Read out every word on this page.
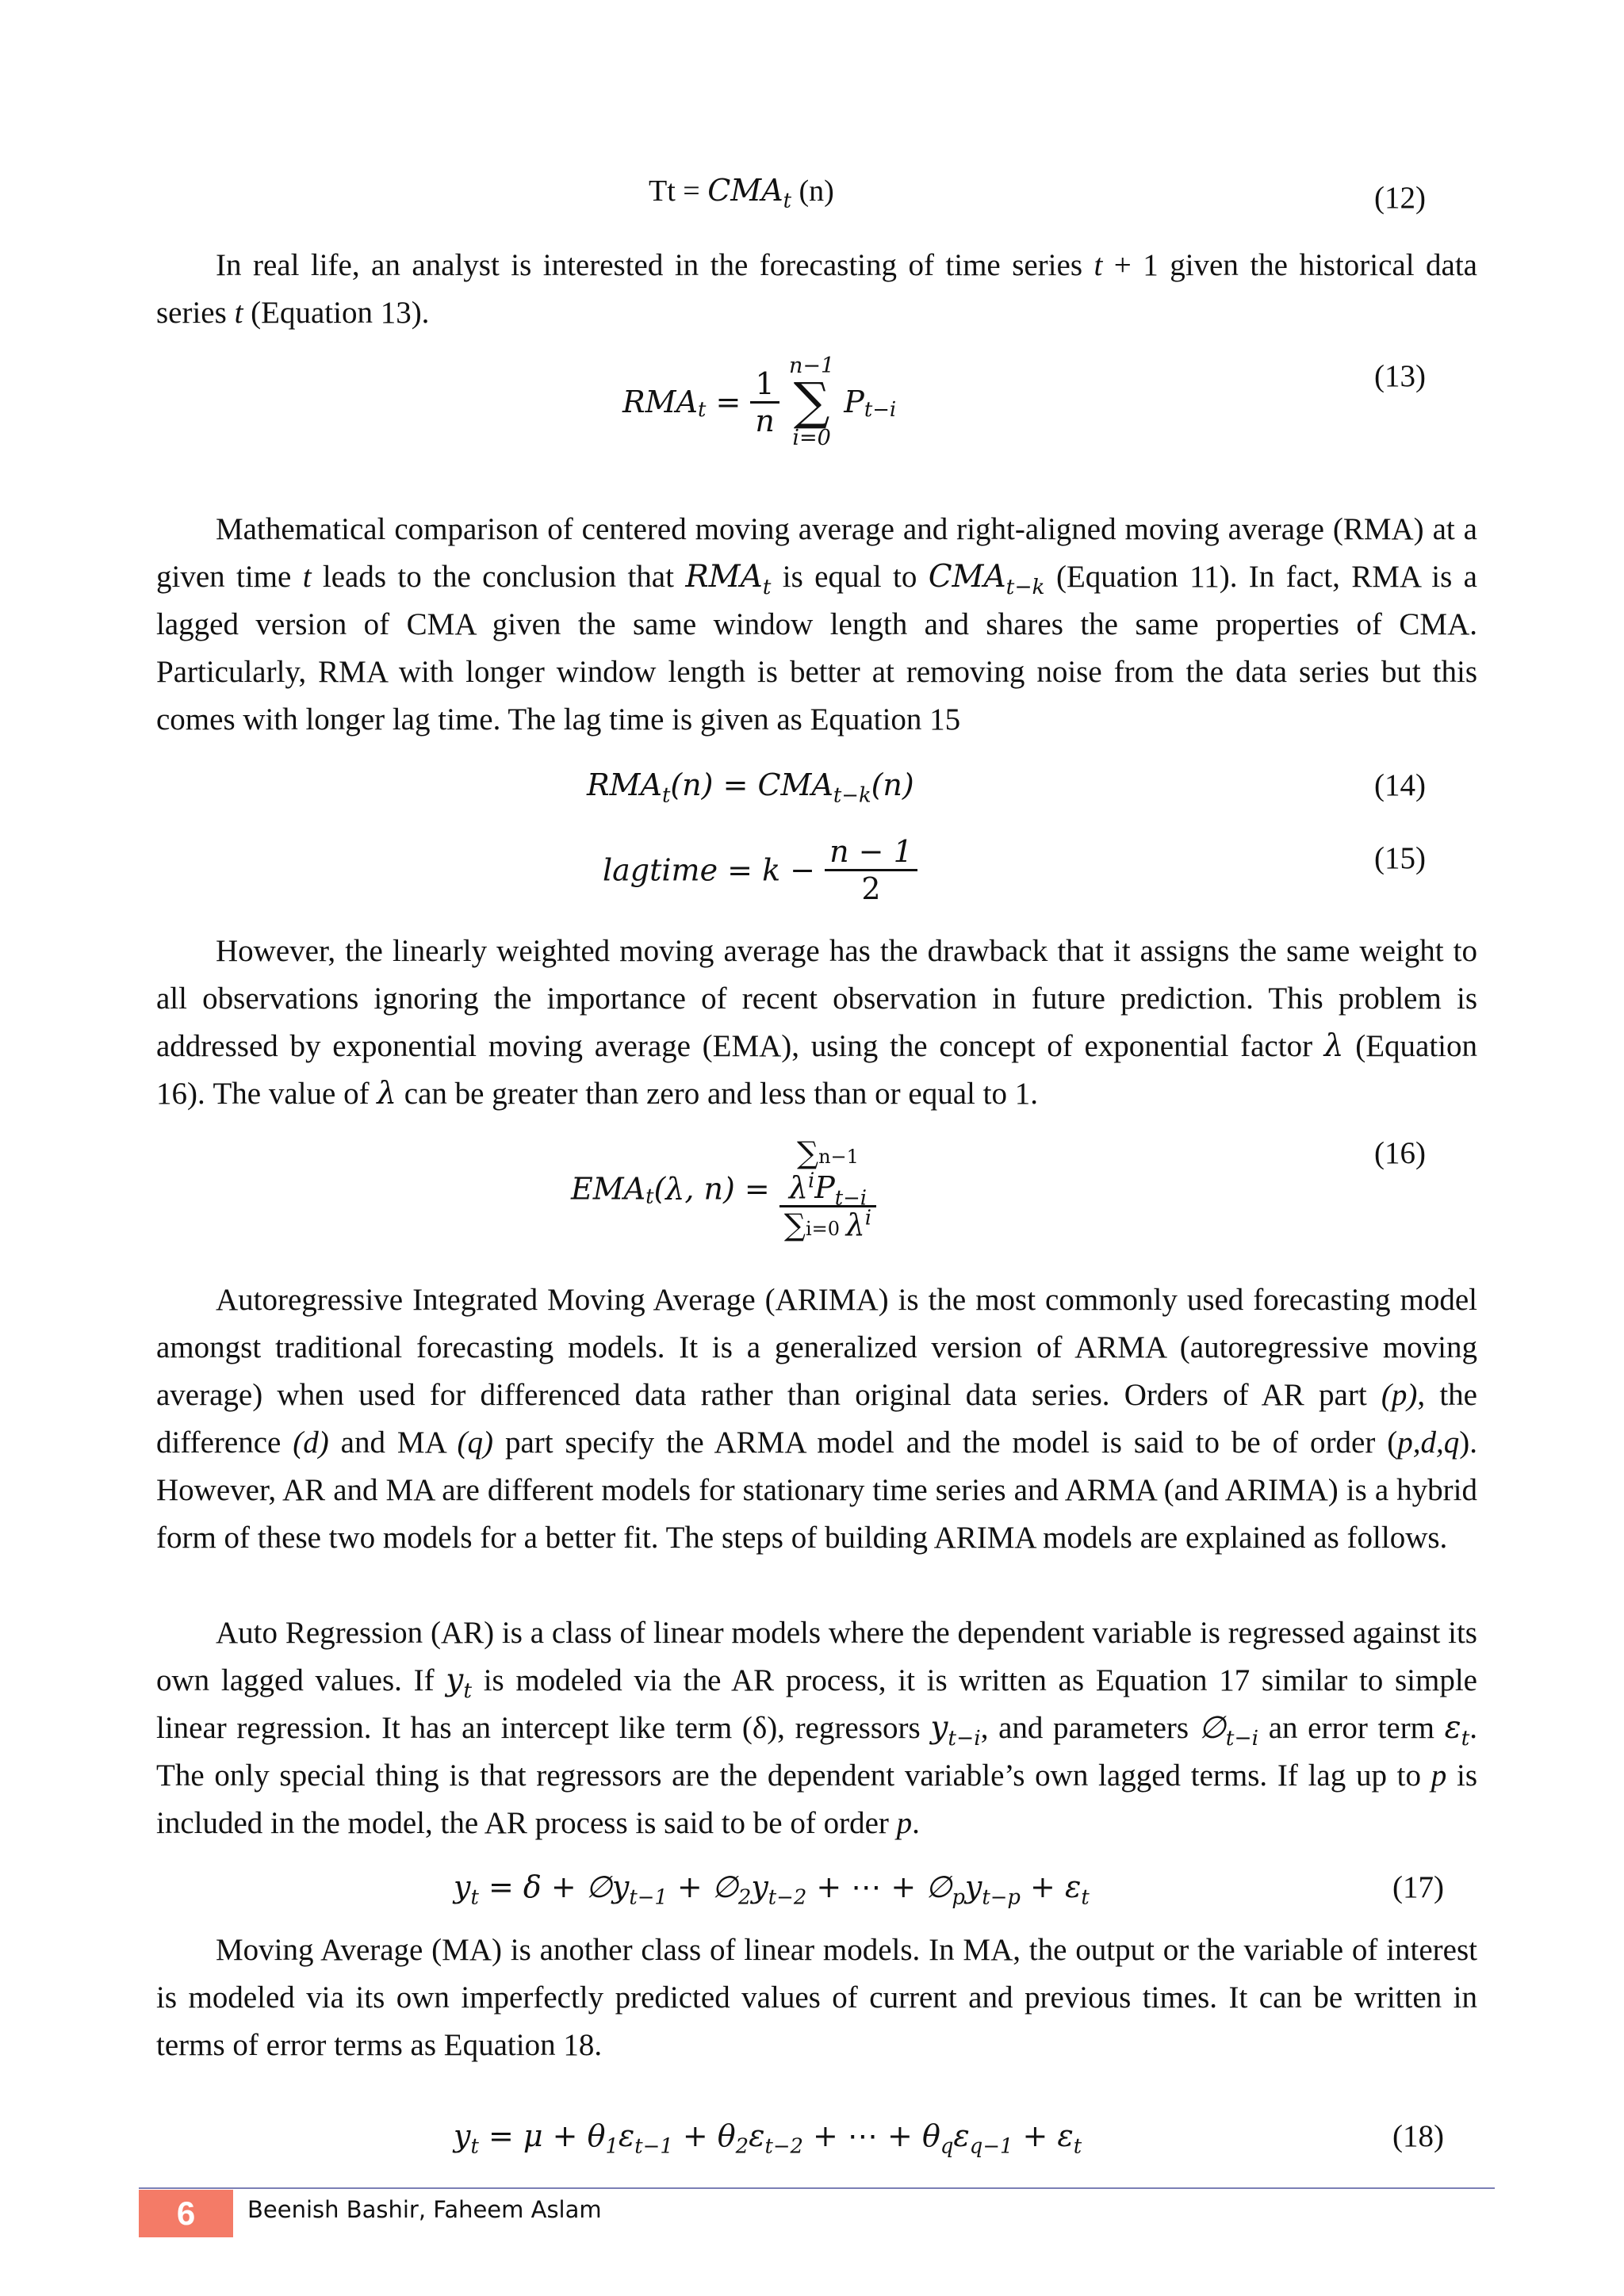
$Tt = CMA_t$ (n)	(12)

In real life, an analyst is interested in the forecasting of time series t + 1 given the historical data series t (Equation 13).

$RMA_t = \frac{1}{n}$
n−1
∑
i=0
$P_{t-i}$
(13)

Mathematical comparison of centered moving average and right-aligned moving average (RMA) at a given time t leads to the conclusion that $RMA_t$ is equal to $CMA_{t-k}$ (Equation 11). In fact, RMA is a lagged version of CMA given the same window length and shares the same properties of CMA. Particularly, RMA with longer window length is better at removing noise from the data series but this comes with longer lag time. The lag time is given as Equation 15

$RMA_t(n) = CMA_{t-k}(n)$	(14)
lagtime = $k - \frac{n - 1}{2}$	(15)

However, the linearly weighted moving average has the drawback that it assigns the same weight to all observations ignoring the importance of recent observation in future prediction. This problem is addressed by exponential moving average (EMA), using the concept of exponential factor λ (Equation 16). The value of λ can be greater than zero and less than or equal to 1.

$EMA_t(\lambda$, n) =
∑n−1
$\lambda^iP_{t-i}$
∑i=0 $\lambda^i$
(16)

Autoregressive Integrated Moving Average (ARIMA) is the most commonly used forecasting model amongst traditional forecasting models. It is a generalized version of ARMA (autoregressive moving average) when used for differenced data rather than original data series. Orders of AR part (p), the difference (d) and MA (q) part specify the ARMA model and the model is said to be of order (p,d,q). However, AR and MA are different models for stationary time series and ARMA (and ARIMA) is a hybrid form of these two models for a better fit. The steps of building ARIMA models are explained as follows.

Auto Regression (AR) is a class of linear models where the dependent variable is regressed against its own lagged values. If $y_t$ is modeled via the AR process, it is written as Equation 17 similar to simple linear regression. It has an intercept like term (δ), regressors $y_{t-i}$, and parameters $\emptyset_{t-i}$ an error term $\varepsilon_t$. The only special thing is that regressors are the dependent variable’s own lagged terms. If lag up to p is included in the model, the AR process is said to be of order p.

$y_t = \delta$ + $\emptyset y_{t-1}$ + $\emptyset_2y_{t-2}$ + ⋯ + $\emptyset_py_{t-p} + \varepsilon_t$	(17)

Moving Average (MA) is another class of linear models. In MA, the output or the variable of interest is modeled via its own imperfectly predicted values of current and previous times. It can be written in terms of error terms as Equation 18.

$y_t = \mu + \theta_1\varepsilon_{t-1} + \theta_2\varepsilon_{t-2}$ + ⋯ + $\theta_q\varepsilon_{q-1} + \varepsilon_t$	(18)
6	Beenish Bashir, Faheem Aslam
